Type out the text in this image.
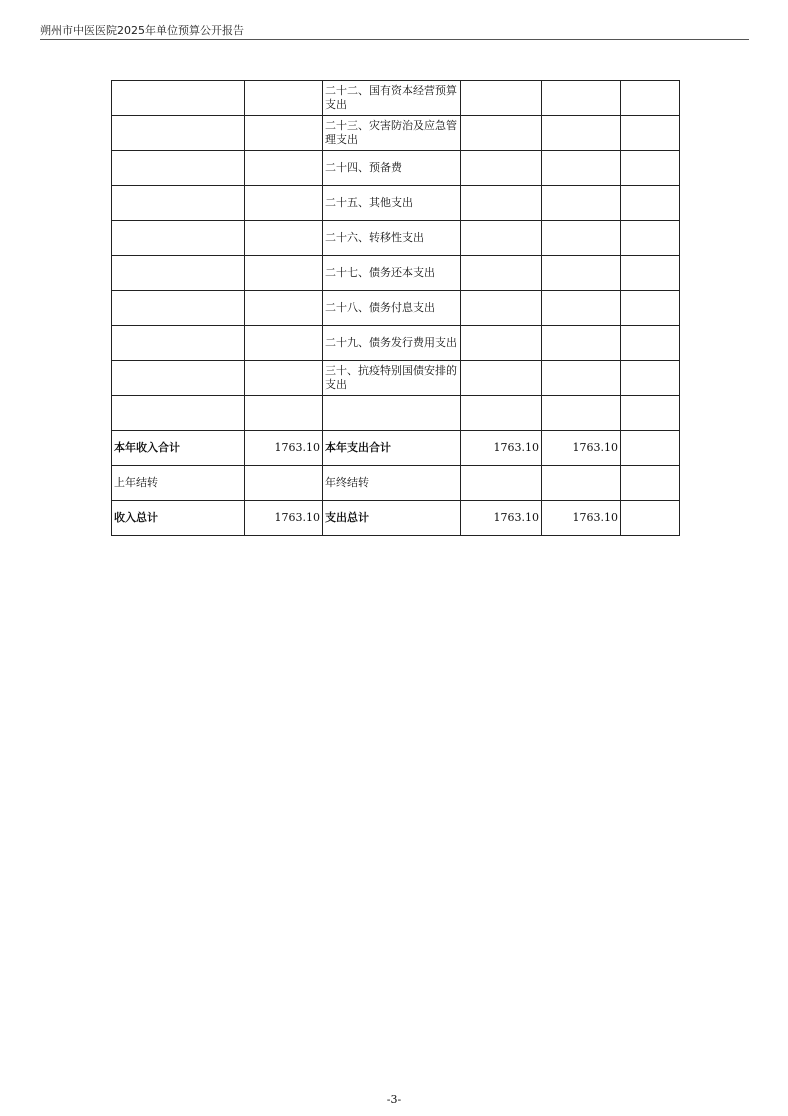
朔州市中医医院2025年单位预算公开报告
		二十二、国有资本经营预算支出			
		二十三、灾害防治及应急管理支出			
		二十四、预备费			
		二十五、其他支出			
		二十六、转移性支出			
		二十七、债务还本支出			
		二十八、债务付息支出			
		二十九、债务发行费用支出			
		三十、抗疫特别国债安排的支出			

本年收入合计	1763.10	本年支出合计	1763.10	1763.10	
上年结转		年终结转			
收入总计	1763.10	支出总计	1763.10	1763.10	
-3-
